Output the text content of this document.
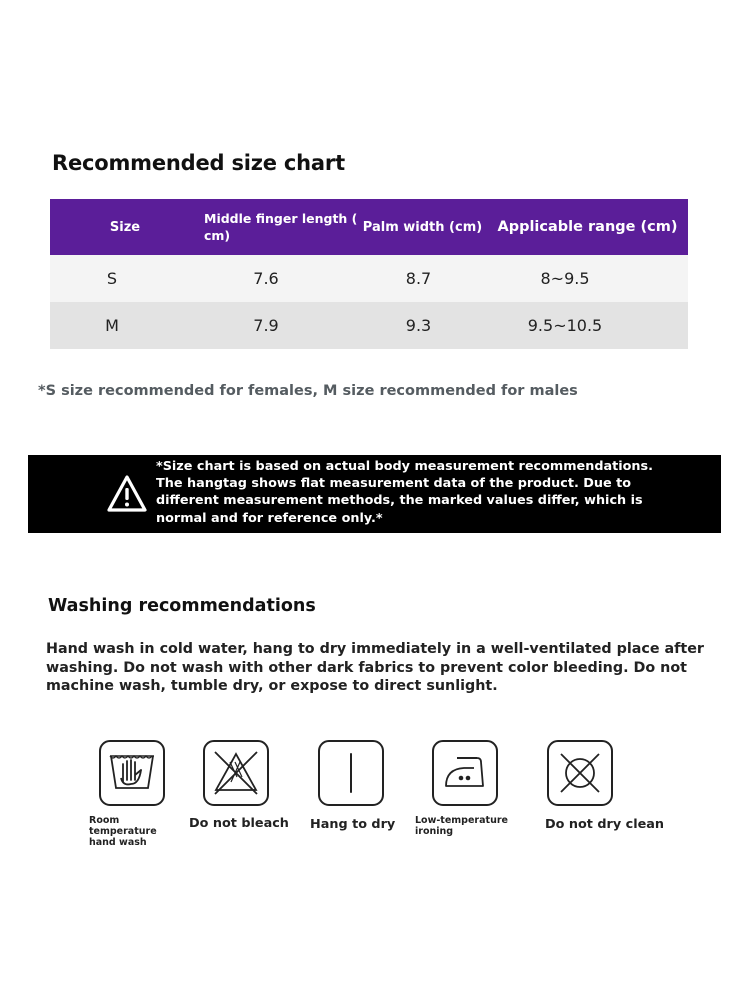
Recommended size chart
Size	Middle finger length ( cm)	Palm width (cm)	Applicable range (cm)
S	7.6	8.7	8~9.5
M	7.9	9.3	9.5~10.5
*S size recommended for females, M size recommended for males
*Size chart is based on actual body measurement recommendations. The hangtag shows flat measurement data of the product. Due to different measurement methods, the marked values differ, which is normal and for reference only.*
Washing recommendations
Hand wash in cold water, hang to dry immediately in a well-ventilated place after washing. Do not wash with other dark fabrics to prevent color bleeding. Do not machine wash, tumble dry, or expose to direct sunlight.
Room temperature hand wash
Do not bleach Hang to dry Low-temperature ironing	Do not dry clean
